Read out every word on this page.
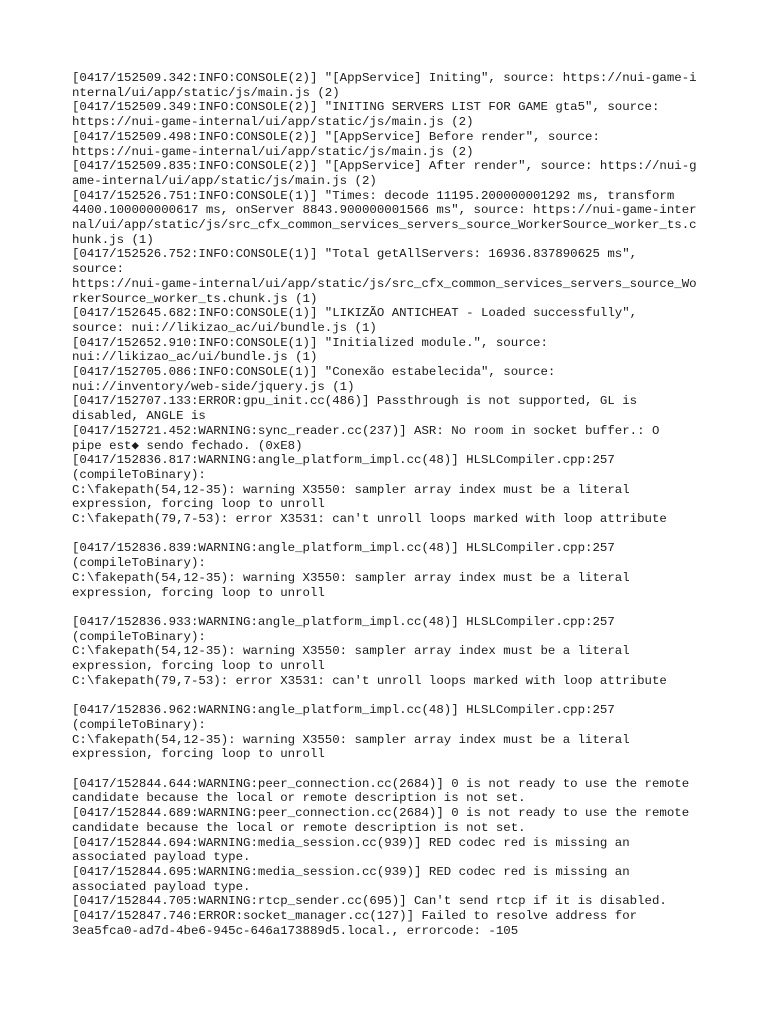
[0417/152509.342:INFO:CONSOLE(2)] "[AppService] Initing", source: https://nui-game-internal/ui/app/static/js/main.js (2)
[0417/152509.349:INFO:CONSOLE(2)] "INITING SERVERS LIST FOR GAME gta5", source:
https://nui-game-internal/ui/app/static/js/main.js (2)
[0417/152509.498:INFO:CONSOLE(2)] "[AppService] Before render", source:
https://nui-game-internal/ui/app/static/js/main.js (2)
[0417/152509.835:INFO:CONSOLE(2)] "[AppService] After render", source: https://nui-game-internal/ui/app/static/js/main.js (2)
[0417/152526.751:INFO:CONSOLE(1)] "Times: decode 11195.200000001292 ms, transform
4400.100000000617 ms, onServer 8843.900000001566 ms", source: https://nui-game-internal/ui/app/static/js/src_cfx_common_services_servers_source_WorkerSource_worker_ts.chunk.js (1)
[0417/152526.752:INFO:CONSOLE(1)] "Total getAllServers: 16936.837890625 ms",
source:
https://nui-game-internal/ui/app/static/js/src_cfx_common_services_servers_source_WorkerSource_worker_ts.chunk.js (1)
[0417/152645.682:INFO:CONSOLE(1)] "LIKIZÃO ANTICHEAT - Loaded successfully",
source: nui://likizao_ac/ui/bundle.js (1)
[0417/152652.910:INFO:CONSOLE(1)] "Initialized module.", source:
nui://likizao_ac/ui/bundle.js (1)
[0417/152705.086:INFO:CONSOLE(1)] "Conexão estabelecida", source:
nui://inventory/web-side/jquery.js (1)
[0417/152707.133:ERROR:gpu_init.cc(486)] Passthrough is not supported, GL is
disabled, ANGLE is
[0417/152721.452:WARNING:sync_reader.cc(237)] ASR: No room in socket buffer.: O
pipe est◆ sendo fechado. (0xE8)
[0417/152836.817:WARNING:angle_platform_impl.cc(48)] HLSLCompiler.cpp:257
(compileToBinary):
C:\fakepath(54,12-35): warning X3550: sampler array index must be a literal
expression, forcing loop to unroll
C:\fakepath(79,7-53): error X3531: can't unroll loops marked with loop attribute
[0417/152836.839:WARNING:angle_platform_impl.cc(48)] HLSLCompiler.cpp:257
(compileToBinary):
C:\fakepath(54,12-35): warning X3550: sampler array index must be a literal
expression, forcing loop to unroll
[0417/152836.933:WARNING:angle_platform_impl.cc(48)] HLSLCompiler.cpp:257
(compileToBinary):
C:\fakepath(54,12-35): warning X3550: sampler array index must be a literal
expression, forcing loop to unroll
C:\fakepath(79,7-53): error X3531: can't unroll loops marked with loop attribute
[0417/152836.962:WARNING:angle_platform_impl.cc(48)] HLSLCompiler.cpp:257
(compileToBinary):
C:\fakepath(54,12-35): warning X3550: sampler array index must be a literal
expression, forcing loop to unroll
[0417/152844.644:WARNING:peer_connection.cc(2684)] 0 is not ready to use the remote
candidate because the local or remote description is not set.
[0417/152844.689:WARNING:peer_connection.cc(2684)] 0 is not ready to use the remote
candidate because the local or remote description is not set.
[0417/152844.694:WARNING:media_session.cc(939)] RED codec red is missing an
associated payload type.
[0417/152844.695:WARNING:media_session.cc(939)] RED codec red is missing an
associated payload type.
[0417/152844.705:WARNING:rtcp_sender.cc(695)] Can't send rtcp if it is disabled.
[0417/152847.746:ERROR:socket_manager.cc(127)] Failed to resolve address for
3ea5fca0-ad7d-4be6-945c-646a173889d5.local., errorcode: -105
